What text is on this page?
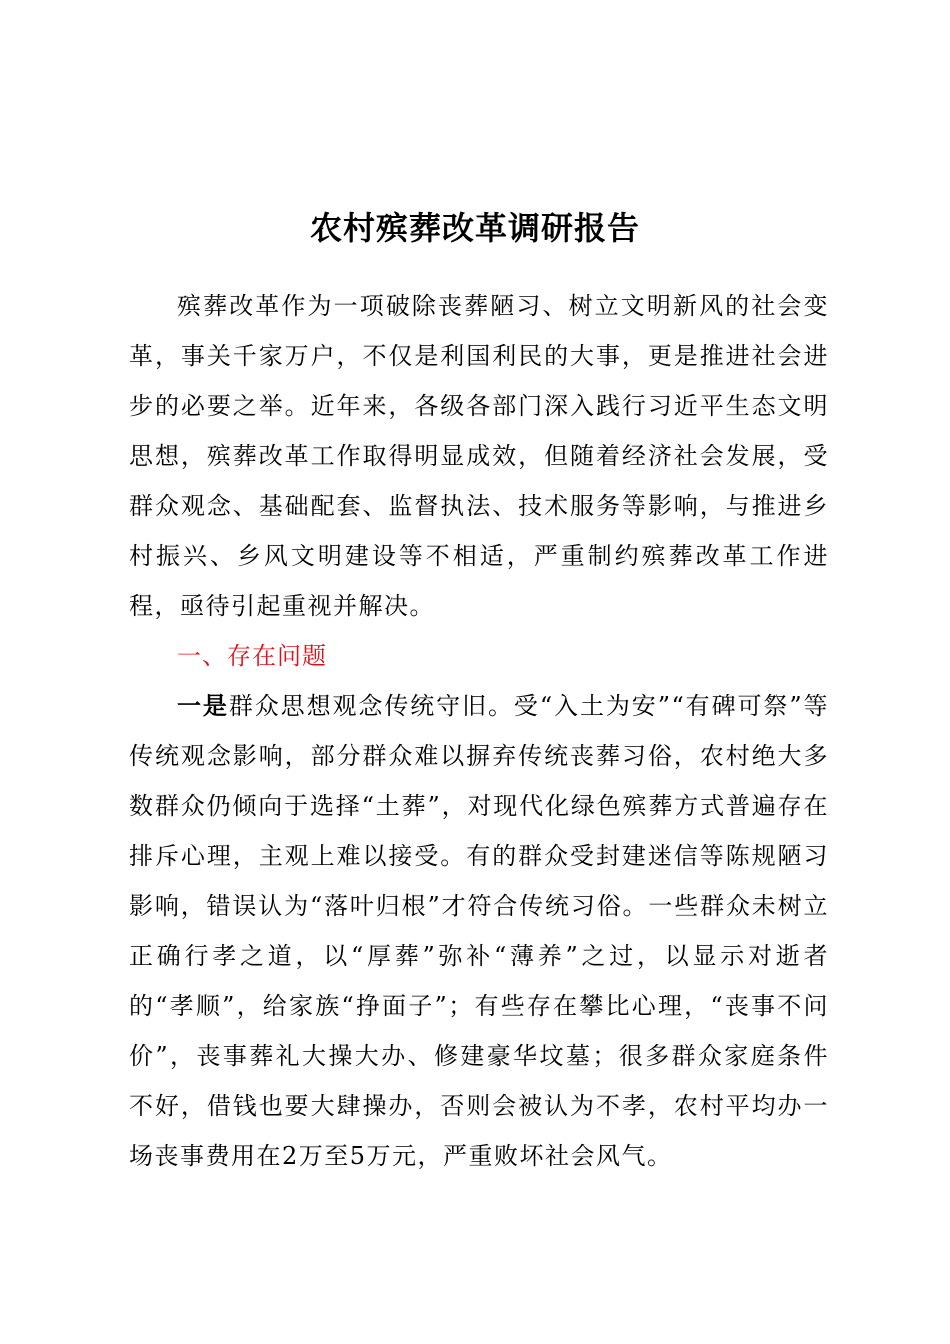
农村殡葬改革调研报告

殡葬改革作为一项破除丧葬陋习、树立文明新风的社会变革，事关千家万户，不仅是利国利民的大事，更是推进社会进步的必要之举。近年来，各级各部门深入践行习近平生态文明思想，殡葬改革工作取得明显成效，但随着经济社会发展，受群众观念、基础配套、监督执法、技术服务等影响，与推进乡村振兴、乡风文明建设等不相适，严重制约殡葬改革工作进程，亟待引起重视并解决。

一、存在问题

一是群众思想观念传统守旧。受“入土为安”“有碑可祭”等传统观念影响，部分群众难以摒弃传统丧葬习俗，农村绝大多数群众仍倾向于选择“土葬”，对现代化绿色殡葬方式普遍存在排斥心理，主观上难以接受。有的群众受封建迷信等陈规陋习影响，错误认为“落叶归根”才符合传统习俗。一些群众未树立正确行孝之道，以“厚葬”弥补“薄养”之过，以显示对逝者的“孝顺”，给家族“挣面子”；有些存在攀比心理，“丧事不问价”，丧事葬礼大操大办、修建豪华坟墓；很多群众家庭条件不好，借钱也要大肆操办，否则会被认为不孝，农村平均办一场丧事费用在2万至5万元，严重败坏社会风气。
